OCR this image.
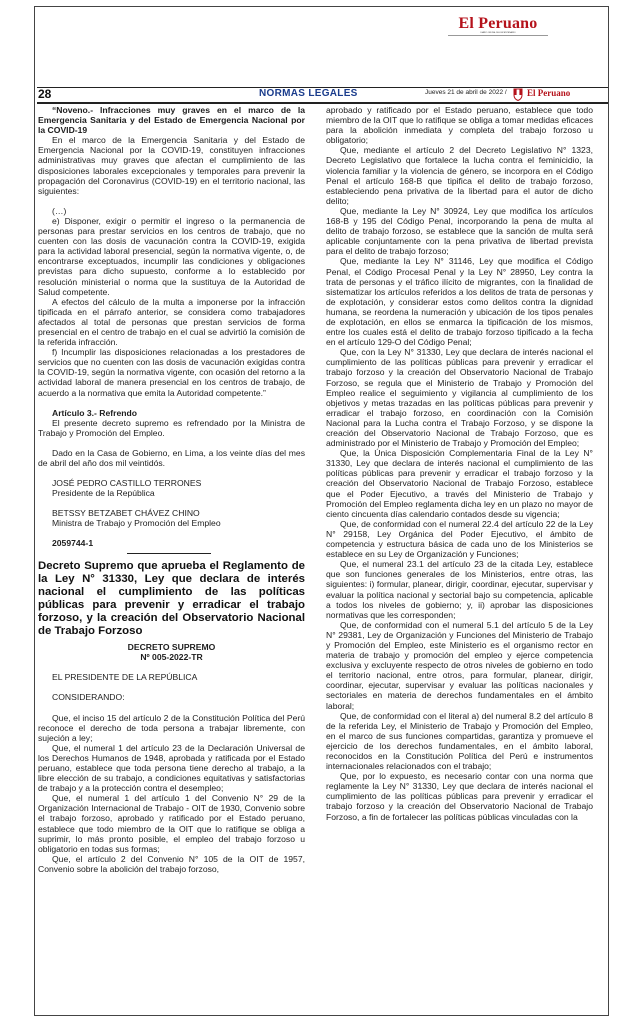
El Peruano
DIARIO OFICIAL DEL BICENTENARIO
28	NORMAS LEGALES	Jueves 21 de abril de 2022 / El Peruano

“Noveno.- Infracciones muy graves en el marco de la Emergencia Sanitaria y del Estado de Emergencia Nacional por la COVID-19

En el marco de la Emergencia Sanitaria y del Estado de Emergencia Nacional por la COVID-19, constituyen infracciones administrativas muy graves que afectan el cumplimiento de las disposiciones laborales excepcionales y temporales para prevenir la propagación del Coronavirus (COVID-19) en el territorio nacional, las siguientes:

(…)

e) Disponer, exigir o permitir el ingreso o la permanencia de personas para prestar servicios en los centros de trabajo, que no cuenten con las dosis de vacunación contra la COVID-19, exigida para la actividad laboral presencial, según la normativa vigente, o, de encontrarse exceptuados, incumplir las condiciones y obligaciones previstas para dicho supuesto, conforme a lo establecido por resolución ministerial o norma que la sustituya de la Autoridad de Salud competente.

A efectos del cálculo de la multa a imponerse por la infracción tipificada en el párrafo anterior, se considera como trabajadores afectados al total de personas que prestan servicios de forma presencial en el centro de trabajo en el cual se advirtió la comisión de la referida infracción.

f) Incumplir las disposiciones relacionadas a los prestadores de servicios que no cuenten con las dosis de vacunación exigidas contra la COVID-19, según la normativa vigente, con ocasión del retorno a la actividad laboral de manera presencial en los centros de trabajo, de acuerdo a la normativa que emita la Autoridad competente.”

Artículo 3.- Refrendo

El presente decreto supremo es refrendado por la Ministra de Trabajo y Promoción del Empleo.

Dado en la Casa de Gobierno, en Lima, a los veinte días del mes de abril del año dos mil veintidós.

JOSÉ PEDRO CASTILLO TERRONES

Presidente de la República

BETSSY BETZABET CHÁVEZ CHINO

Ministra de Trabajo y Promoción del Empleo

2059744-1

Decreto Supremo que aprueba el Reglamento de la Ley N° 31330, Ley que declara de interés nacional el cumplimiento de las políticas públicas para prevenir y erradicar el trabajo forzoso, y la creación del Observatorio Nacional de Trabajo Forzoso

DECRETO SUPREMO

Nº 005-2022-TR

EL PRESIDENTE DE LA REPÚBLICA

CONSIDERANDO:

Que, el inciso 15 del artículo 2 de la Constitución Política del Perú reconoce el derecho de toda persona a trabajar libremente, con sujeción a ley;

Que, el numeral 1 del artículo 23 de la Declaración Universal de los Derechos Humanos de 1948, aprobada y ratificada por el Estado peruano, establece que toda persona tiene derecho al trabajo, a la libre elección de su trabajo, a condiciones equitativas y satisfactorias de trabajo y a la protección contra el desempleo;

Que, el numeral 1 del artículo 1 del Convenio N° 29 de la Organización Internacional de Trabajo - OIT de 1930, Convenio sobre el trabajo forzoso, aprobado y ratificado por el Estado peruano, establece que todo miembro de la OIT que lo ratifique se obliga a suprimir, lo más pronto posible, el empleo del trabajo forzoso u obligatorio en todas sus formas;

Que, el artículo 2 del Convenio N° 105 de la OIT de 1957, Convenio sobre la abolición del trabajo forzoso,

aprobado y ratificado por el Estado peruano, establece que todo miembro de la OIT que lo ratifique se obliga a tomar medidas eficaces para la abolición inmediata y completa del trabajo forzoso u obligatorio;

Que, mediante el artículo 2 del Decreto Legislativo N° 1323, Decreto Legislativo que fortalece la lucha contra el feminicidio, la violencia familiar y la violencia de género, se incorpora en el Código Penal el artículo 168-B que tipifica el delito de trabajo forzoso, estableciendo pena privativa de la libertad para el autor de dicho delito;

Que, mediante la Ley N° 30924, Ley que modifica los artículos 168-B y 195 del Código Penal, incorporando la pena de multa al delito de trabajo forzoso, se establece que la sanción de multa será aplicable conjuntamente con la pena privativa de libertad prevista para el delito de trabajo forzoso;

Que, mediante la Ley N° 31146, Ley que modifica el Código Penal, el Código Procesal Penal y la Ley N° 28950, Ley contra la trata de personas y el tráfico ilícito de migrantes, con la finalidad de sistematizar los artículos referidos a los delitos de trata de personas y de explotación, y considerar estos como delitos contra la dignidad humana, se reordena la numeración y ubicación de los tipos penales de explotación, en ellos se enmarca la tipificación de los mismos, entre los cuales está el delito de trabajo forzoso tipificado a la fecha en el artículo 129-O del Código Penal;

Que, con la Ley N° 31330, Ley que declara de interés nacional el cumplimiento de las políticas públicas para prevenir y erradicar el trabajo forzoso y la creación del Observatorio Nacional de Trabajo Forzoso, se regula que el Ministerio de Trabajo y Promoción del Empleo realice el seguimiento y vigilancia al cumplimiento de los objetivos y metas trazadas en las políticas públicas para prevenir y erradicar el trabajo forzoso, en coordinación con la Comisión Nacional para la Lucha contra el Trabajo Forzoso, y se dispone la creación del Observatorio Nacional de Trabajo Forzoso, que es administrado por el Ministerio de Trabajo y Promoción del Empleo;

Que, la Única Disposición Complementaria Final de la Ley N° 31330, Ley que declara de interés nacional el cumplimiento de las políticas públicas para prevenir y erradicar el trabajo forzoso y la creación del Observatorio Nacional de Trabajo Forzoso, establece que el Poder Ejecutivo, a través del Ministerio de Trabajo y Promoción del Empleo reglamenta dicha ley en un plazo no mayor de ciento cincuenta días calendario contados desde su vigencia;

Que, de conformidad con el numeral 22.4 del artículo 22 de la Ley N° 29158, Ley Orgánica del Poder Ejecutivo, el ámbito de competencia y estructura básica de cada uno de los Ministerios se establece en su Ley de Organización y Funciones;

Que, el numeral 23.1 del artículo 23 de la citada Ley, establece que son funciones generales de los Ministerios, entre otras, las siguientes: i) formular, planear, dirigir, coordinar, ejecutar, supervisar y evaluar la política nacional y sectorial bajo su competencia, aplicable a todos los niveles de gobierno; y, ii) aprobar las disposiciones normativas que les corresponden;

Que, de conformidad con el numeral 5.1 del artículo 5 de la Ley N° 29381, Ley de Organización y Funciones del Ministerio de Trabajo y Promoción del Empleo, este Ministerio es el organismo rector en materia de trabajo y promoción del empleo y ejerce competencia exclusiva y excluyente respecto de otros niveles de gobierno en todo el territorio nacional, entre otros, para formular, planear, dirigir, coordinar, ejecutar, supervisar y evaluar las políticas nacionales y sectoriales en materia de derechos fundamentales en el ámbito laboral;

Que, de conformidad con el literal a) del numeral 8.2 del artículo 8 de la referida Ley, el Ministerio de Trabajo y Promoción del Empleo, en el marco de sus funciones compartidas, garantiza y promueve el ejercicio de los derechos fundamentales, en el ámbito laboral, reconocidos en la Constitución Política del Perú e instrumentos internacionales relacionados con el trabajo;

Que, por lo expuesto, es necesario contar con una norma que reglamente la Ley N° 31330, Ley que declara de interés nacional el cumplimiento de las políticas públicas para prevenir y erradicar el trabajo forzoso y la creación del Observatorio Nacional de Trabajo Forzoso, a fin de fortalecer las políticas públicas vinculadas con la
